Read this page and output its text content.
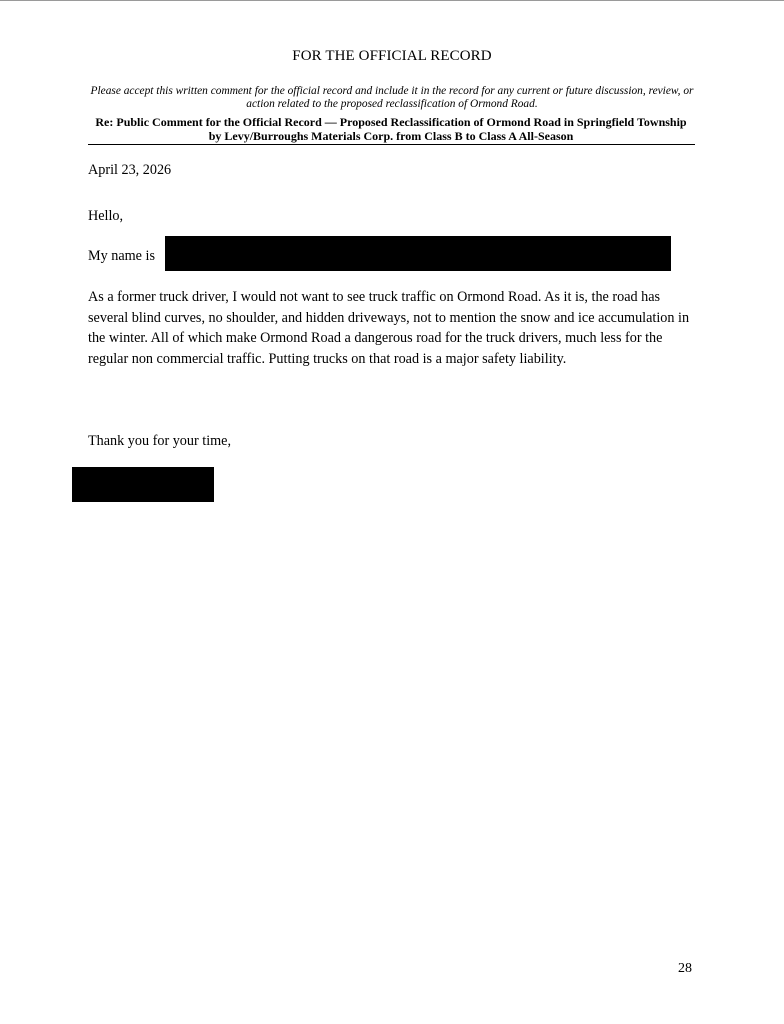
FOR THE OFFICIAL RECORD
Please accept this written comment for the official record and include it in the record for any current or future discussion, review, or action related to the proposed reclassification of Ormond Road.
Re: Public Comment for the Official Record — Proposed Reclassification of Ormond Road in Springfield Township by Levy/Burroughs Materials Corp. from Class B to Class A All-Season
April 23, 2026
Hello,
My name is
As a former truck driver, I would not want to see truck traffic on Ormond Road. As it is, the road has several blind curves, no shoulder, and hidden driveways, not to mention the snow and ice accumulation in the winter. All of which make Ormond Road a dangerous road for the truck drivers, much less for the regular non commercial traffic. Putting trucks on that road is a major safety liability.
Thank you for your time,
28
